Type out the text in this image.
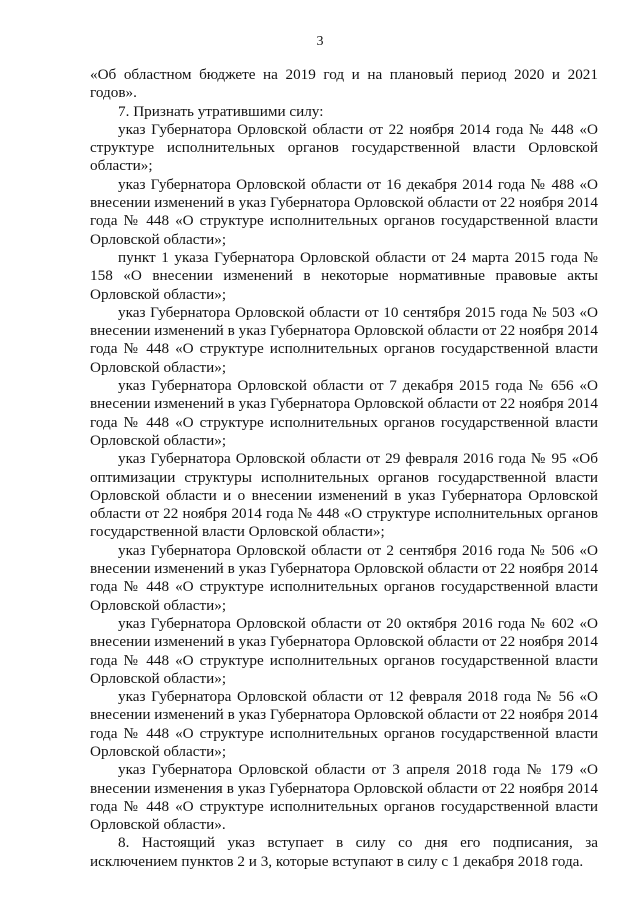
3

«Об областном бюджете на 2019 год и на плановый период 2020 и 2021 годов».

7. Признать утратившими силу:

указ Губернатора Орловской области от 22 ноября 2014 года № 448 «О структуре исполнительных органов государственной власти Орловской области»;

указ Губернатора Орловской области от 16 декабря 2014 года № 488 «О внесении изменений в указ Губернатора Орловской области от 22 ноября 2014 года № 448 «О структуре исполнительных органов государственной власти Орловской области»;

пункт 1 указа Губернатора Орловской области от 24 марта 2015 года № 158 «О внесении изменений в некоторые нормативные правовые акты Орловской области»;

указ Губернатора Орловской области от 10 сентября 2015 года № 503 «О внесении изменений в указ Губернатора Орловской области от 22 ноября 2014 года № 448 «О структуре исполнительных органов государственной власти Орловской области»;

указ Губернатора Орловской области от 7 декабря 2015 года № 656 «О внесении изменений в указ Губернатора Орловской области от 22 ноября 2014 года № 448 «О структуре исполнительных органов государственной власти Орловской области»;

указ Губернатора Орловской области от 29 февраля 2016 года № 95 «Об оптимизации структуры исполнительных органов государственной власти Орловской области и о внесении изменений в указ Губернатора Орловской области от 22 ноября 2014 года № 448 «О структуре исполнительных органов государственной власти Орловской области»;

указ Губернатора Орловской области от 2 сентября 2016 года № 506 «О внесении изменений в указ Губернатора Орловской области от 22 ноября 2014 года № 448 «О структуре исполнительных органов государственной власти Орловской области»;

указ Губернатора Орловской области от 20 октября 2016 года № 602 «О внесении изменений в указ Губернатора Орловской области от 22 ноября 2014 года № 448 «О структуре исполнительных органов государственной власти Орловской области»;

указ Губернатора Орловской области от 12 февраля 2018 года № 56 «О внесении изменений в указ Губернатора Орловской области от 22 ноября 2014 года № 448 «О структуре исполнительных органов государственной власти Орловской области»;

указ Губернатора Орловской области от 3 апреля 2018 года № 179 «О внесении изменения в указ Губернатора Орловской области от 22 ноября 2014 года № 448 «О структуре исполнительных органов государственной власти Орловской области».

8. Настоящий указ вступает в силу со дня его подписания, за исключением пунктов 2 и 3, которые вступают в силу с 1 декабря 2018 года.
